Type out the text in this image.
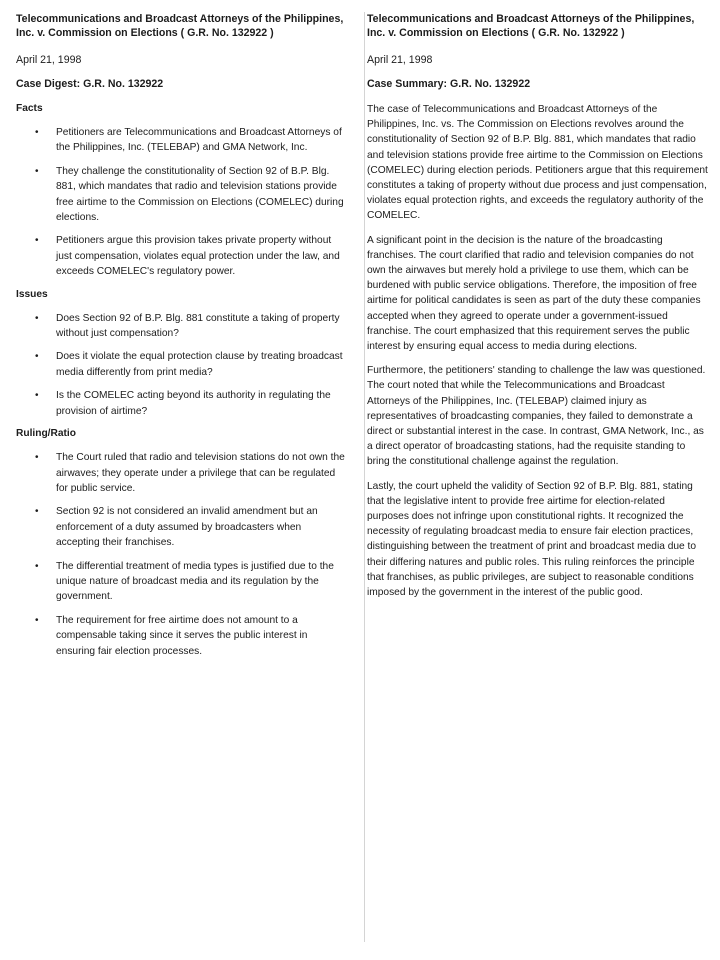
Telecommunications and Broadcast Attorneys of the Philippines, Inc. v. Commission on Elections ( G.R. No. 132922 )
April 21, 1998
Case Digest: G.R. No. 132922
Facts
• Petitioners are Telecommunications and Broadcast Attorneys of the Philippines, Inc. (TELEBAP) and GMA Network, Inc.
• They challenge the constitutionality of Section 92 of B.P. Blg. 881, which mandates that radio and television stations provide free airtime to the Commission on Elections (COMELEC) during elections.
• Petitioners argue this provision takes private property without just compensation, violates equal protection under the law, and exceeds COMELEC's regulatory power.
Issues
• Does Section 92 of B.P. Blg. 881 constitute a taking of property without just compensation?
• Does it violate the equal protection clause by treating broadcast media differently from print media?
• Is the COMELEC acting beyond its authority in regulating the provision of airtime?
Ruling/Ratio
• The Court ruled that radio and television stations do not own the airwaves; they operate under a privilege that can be regulated for public service.
• Section 92 is not considered an invalid amendment but an enforcement of a duty assumed by broadcasters when accepting their franchises.
• The differential treatment of media types is justified due to the unique nature of broadcast media and its regulation by the government.
• The requirement for free airtime does not amount to a compensable taking since it serves the public interest in ensuring fair election processes.
Telecommunications and Broadcast Attorneys of the Philippines, Inc. v. Commission on Elections ( G.R. No. 132922 )
April 21, 1998
Case Summary: G.R. No. 132922

The case of Telecommunications and Broadcast Attorneys of the Philippines, Inc. vs. The Commission on Elections revolves around the constitutionality of Section 92 of B.P. Blg. 881, which mandates that radio and television stations provide free airtime to the Commission on Elections (COMELEC) during election periods. Petitioners argue that this requirement constitutes a taking of property without due process and just compensation, violates equal protection rights, and exceeds the regulatory authority of the COMELEC.

A significant point in the decision is the nature of the broadcasting franchises. The court clarified that radio and television companies do not own the airwaves but merely hold a privilege to use them, which can be burdened with public service obligations. Therefore, the imposition of free airtime for political candidates is seen as part of the duty these companies accepted when they agreed to operate under a government-issued franchise. The court emphasized that this requirement serves the public interest by ensuring equal access to media during elections.

Furthermore, the petitioners' standing to challenge the law was questioned. The court noted that while the Telecommunications and Broadcast Attorneys of the Philippines, Inc. (TELEBAP) claimed injury as representatives of broadcasting companies, they failed to demonstrate a direct or substantial interest in the case. In contrast, GMA Network, Inc., as a direct operator of broadcasting stations, had the requisite standing to bring the constitutional challenge against the regulation.

Lastly, the court upheld the validity of Section 92 of B.P. Blg. 881, stating that the legislative intent to provide free airtime for election-related purposes does not infringe upon constitutional rights. It recognized the necessity of regulating broadcast media to ensure fair election practices, distinguishing between the treatment of print and broadcast media due to their differing natures and public roles. This ruling reinforces the principle that franchises, as public privileges, are subject to reasonable conditions imposed by the government in the interest of the public good.
